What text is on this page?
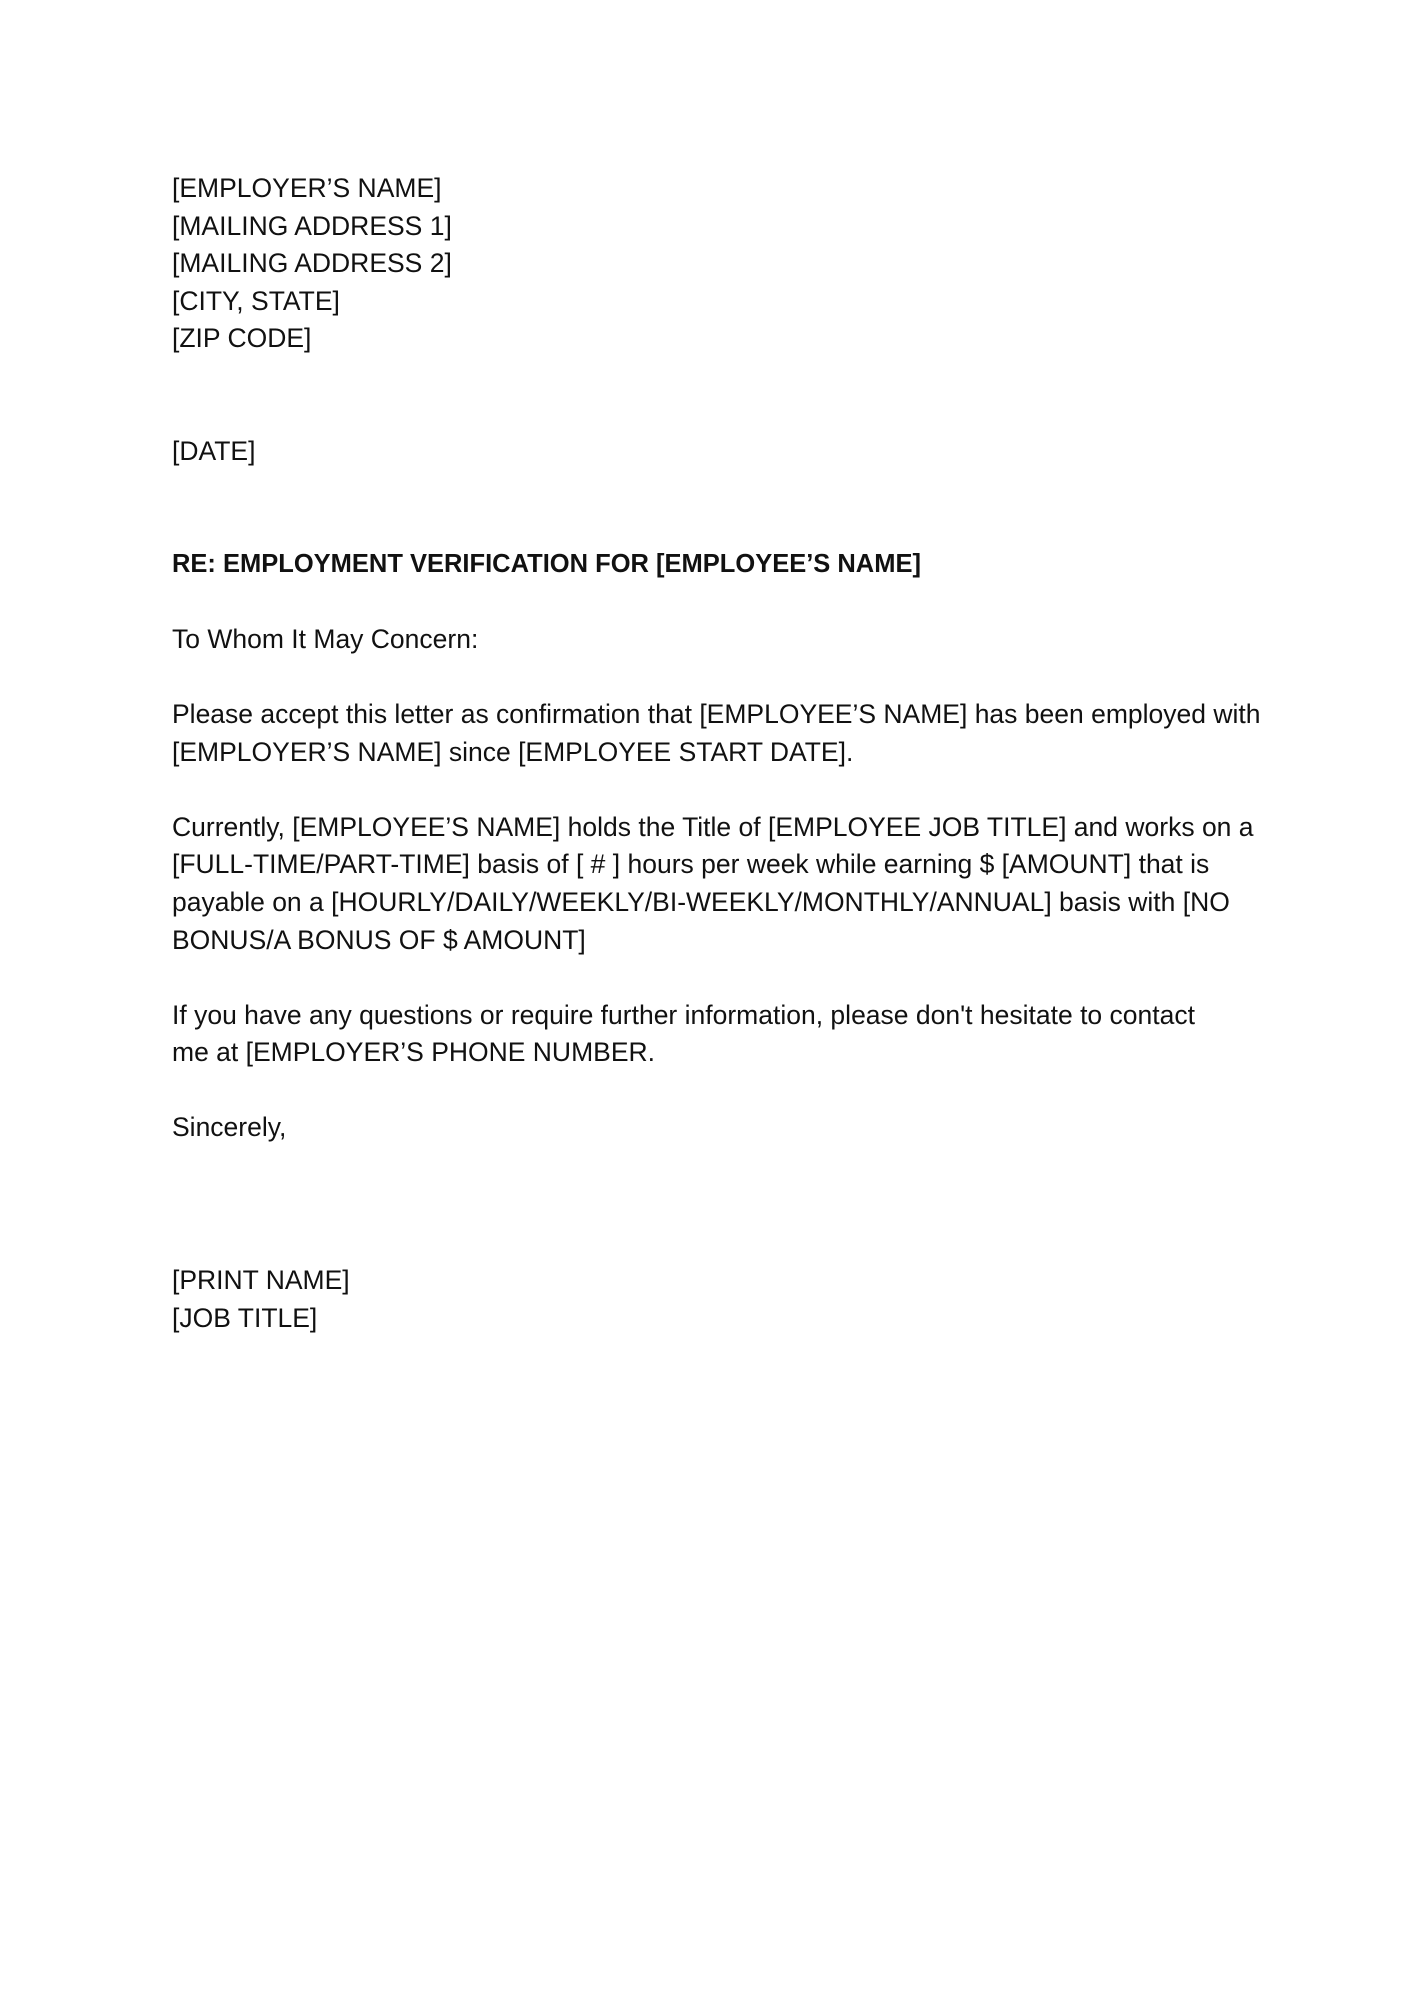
[EMPLOYER’S NAME]
[MAILING ADDRESS 1]
[MAILING ADDRESS 2]
[CITY, STATE]
[ZIP CODE]
[DATE]
RE: EMPLOYMENT VERIFICATION FOR [EMPLOYEE’S NAME]
To Whom It May Concern:
Please accept this letter as confirmation that [EMPLOYEE’S NAME] has been employed with
[EMPLOYER’S NAME] since [EMPLOYEE START DATE].
Currently, [EMPLOYEE’S NAME] holds the Title of [EMPLOYEE JOB TITLE] and works on a
[FULL-TIME/PART-TIME] basis of [ # ] hours per week while earning $ [AMOUNT] that is
payable on a [HOURLY/DAILY/WEEKLY/BI-WEEKLY/MONTHLY/ANNUAL] basis with [NO
BONUS/A BONUS OF $ AMOUNT]
If you have any questions or require further information, please don't hesitate to contact
me at [EMPLOYER’S PHONE NUMBER.
Sincerely,
[PRINT NAME]
[JOB TITLE]
